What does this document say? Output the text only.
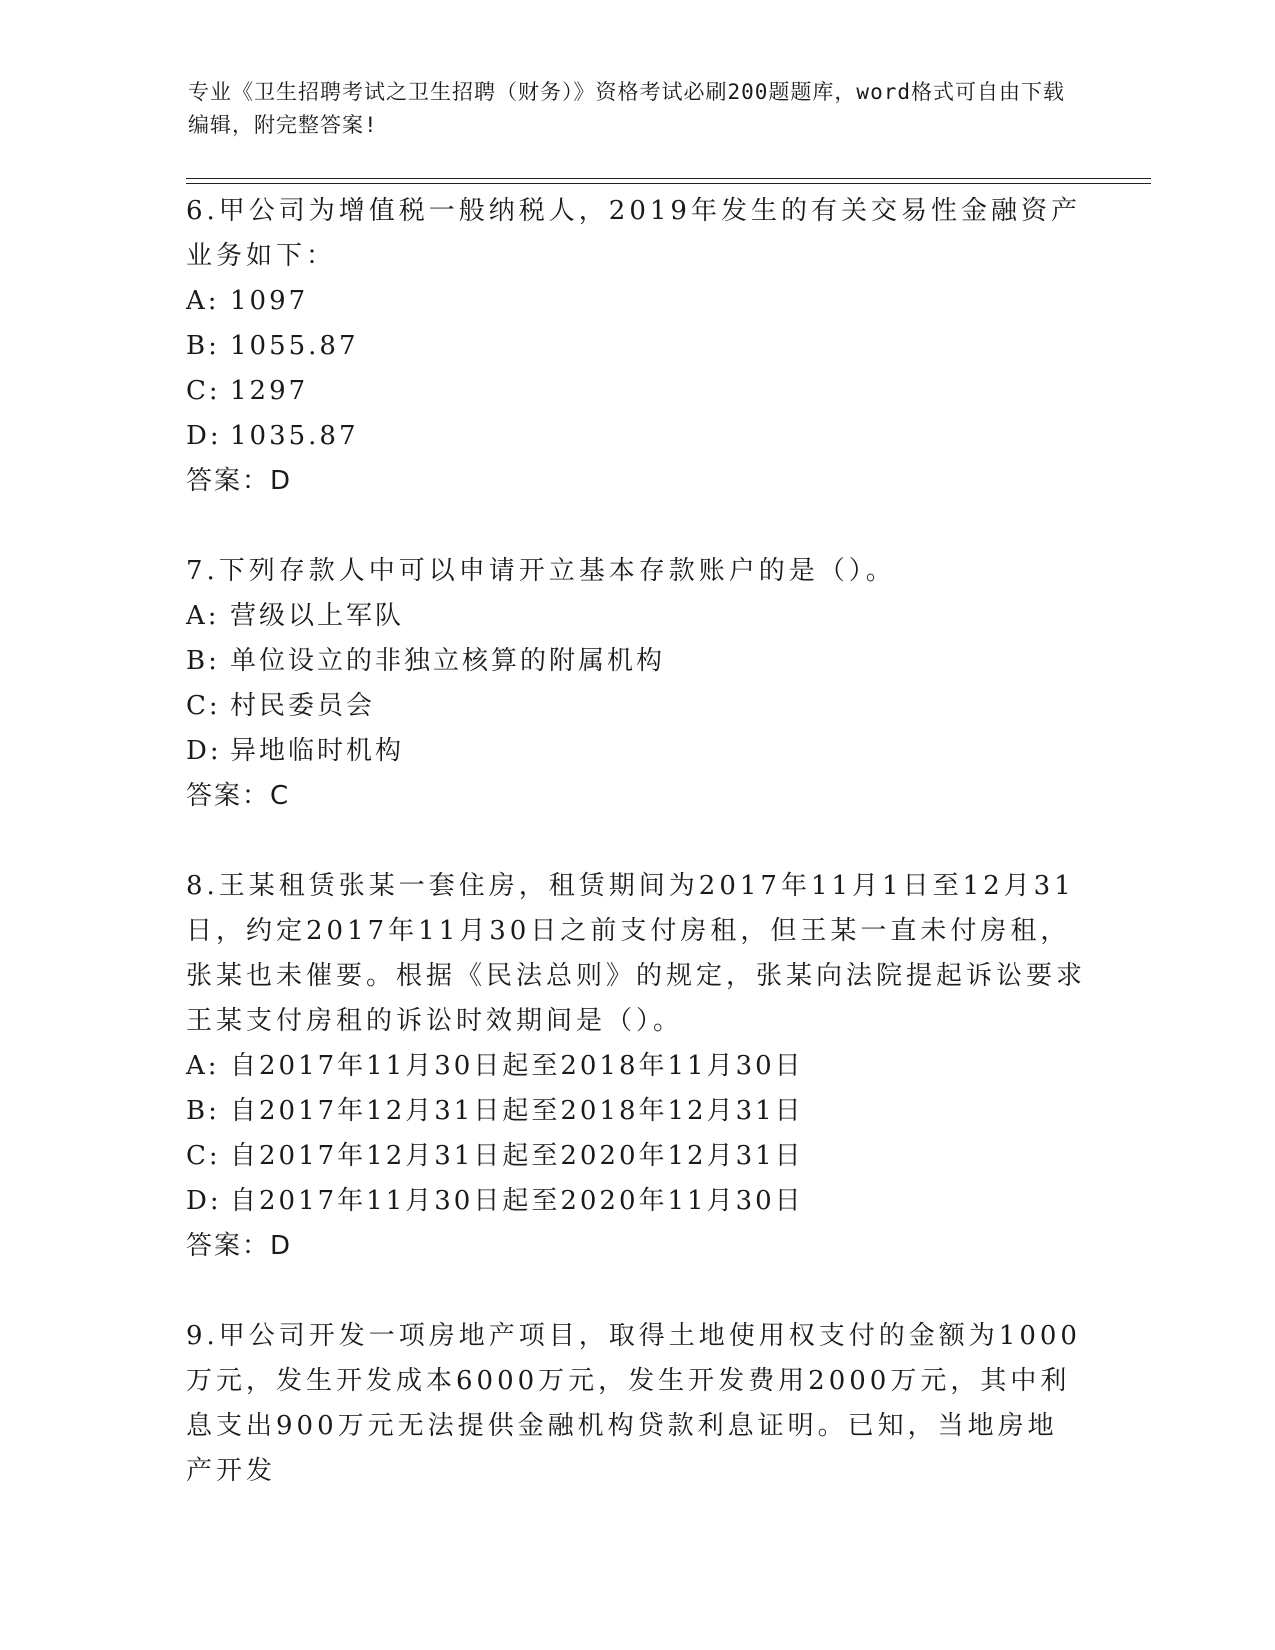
专业《卫生招聘考试之卫生招聘（财务）》资格考试必刷200题题库，word格式可自由下载编辑，附完整答案!

6.甲公司为增值税一般纳税人，2019年发生的有关交易性金融资产业务如下：

A: 1097

B: 1055.87

C: 1297

D: 1035.87

答案：D

7.下列存款人中可以申请开立基本存款账户的是（）。

A: 营级以上军队

B: 单位设立的非独立核算的附属机构

C: 村民委员会

D: 异地临时机构

答案：C

8.王某租赁张某一套住房，租赁期间为2017年11月1日至12月31日，约定2017年11月30日之前支付房租，但王某一直未付房租，张某也未催要。根据《民法总则》的规定，张某向法院提起诉讼要求王某支付房租的诉讼时效期间是（）。

A: 自2017年11月30日起至2018年11月30日

B: 自2017年12月31日起至2018年12月31日

C: 自2017年12月31日起至2020年12月31日

D: 自2017年11月30日起至2020年11月30日

答案：D

9.甲公司开发一项房地产项目，取得土地使用权支付的金额为1000万元，发生开发成本6000万元，发生开发费用2000万元，其中利息支出900万元无法提供金融机构贷款利息证明。已知，当地房地产开发
